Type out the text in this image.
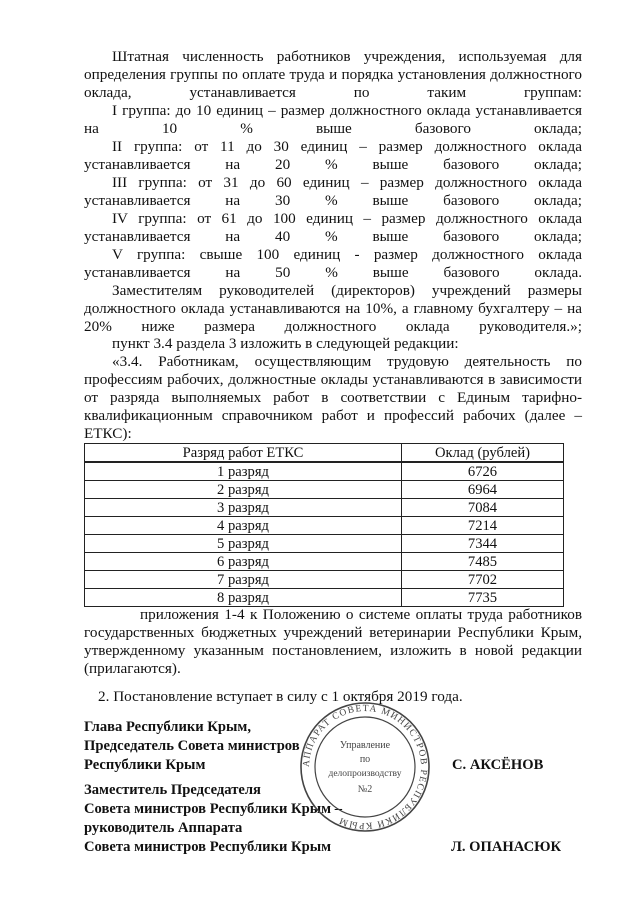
Штатная численность работников учреждения, используемая для определения группы по оплате труда и порядка установления должностного оклада, устанавливается по таким группам:

I группа: до 10 единиц – размер должностного оклада устанавливается на 10 % выше базового оклада;

II группа: от 11 до 30 единиц – размер должностного оклада устанавливается на 20 % выше базового оклада;

III группа: от 31 до 60 единиц – размер должностного оклада устанавливается на 30 % выше базового оклада;

IV группа: от 61 до 100 единиц – размер должностного оклада устанавливается на 40 % выше базового оклада;

V группа: свыше 100 единиц - размер должностного оклада устанавливается на 50 % выше базового оклада.

Заместителям руководителей (директоров) учреждений размеры должностного оклада устанавливаются на 10%, а главному бухгалтеру – на 20% ниже размера должностного оклада руководителя.»;

пункт 3.4 раздела 3 изложить в следующей редакции:

«3.4. Работникам, осуществляющим трудовую деятельность по профессиям рабочих, должностные оклады устанавливаются в зависимости от разряда выполняемых работ в соответствии с Единым тарифно-квалификационным справочником работ и профессий рабочих (далее – ЕТКС):

Разряд работ ЕТКС	Оклад (рублей)
1 разряд	6726
2 разряд	6964
3 разряд	7084
4 разряд	7214
5 разряд	7344
6 разряд	7485
7 разряд	7702
8 разряд	7735

приложения 1-4 к Положению о системе оплаты труда работников государственных бюджетных учреждений ветеринарии Республики Крым, утвержденному указанным постановлением, изложить в новой редакции (прилагаются).

2. Постановление вступает в силу с 1 октября 2019 года.

Глава Республики Крым,
Председатель Совета министров
Республики Крым	С. АКСЁНОВ
Заместитель Председателя
Совета министров Республики Крым –
руководитель Аппарата
Совета министров Республики Крым	Л. ОПАНАСЮК
АППАРАТ СОВЕТА МИНИСТРОВ РЕСПУБЛИКИ КРЫМ
Управление
по
делопроизводству
№2
